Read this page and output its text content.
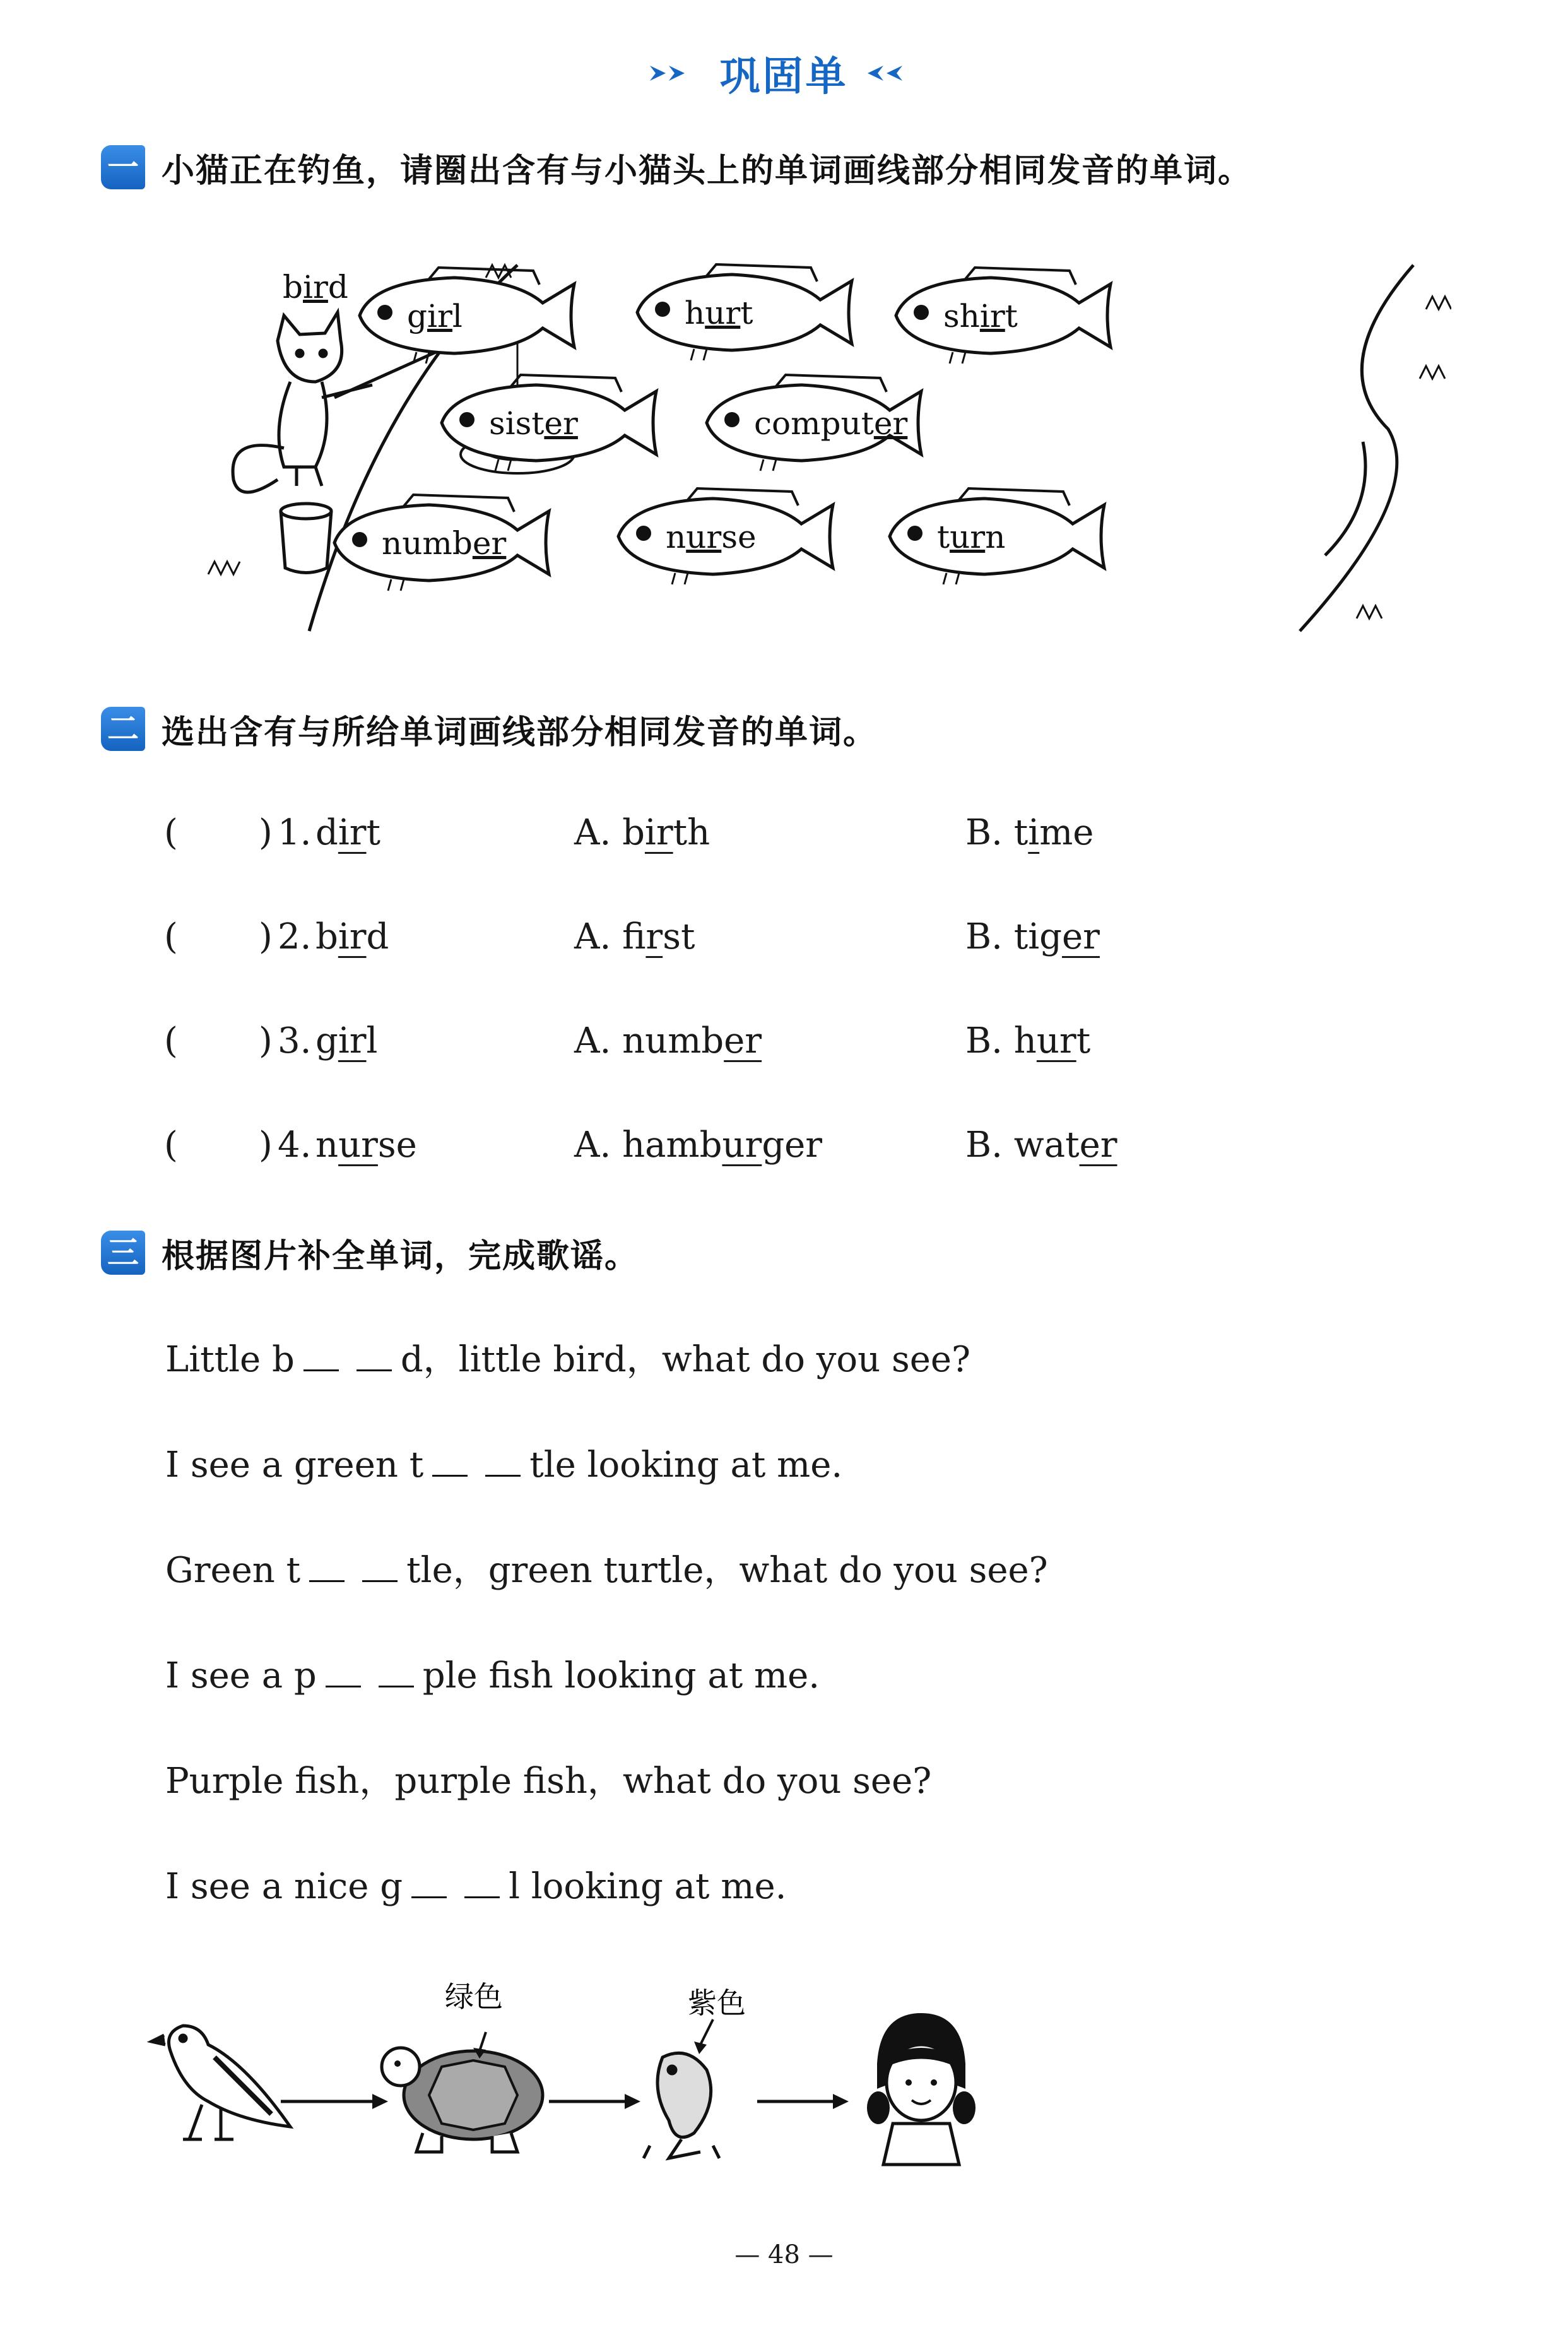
巩固单
一 小猫正在钓鱼，请圈出含有与小猫头上的单词画线部分相同发音的单词。
bird
girl	hurt	shirt
sister	computer
number	nurse	turn
二 选出含有与所给单词画线部分相同发音的单词。
( ) 1. dirt	A. birth	B. time
( ) 2. bird	A. first	B. tiger
( ) 3. girl	A. number	B. hurt
( ) 4. nurse	A. hamburger	B. water
三 根据图片补全单词，完成歌谣。
Little b	d，little bird，what do you see?
I see a green t	tle looking at me.
Green t	tle，green turtle，what do you see?
I see a p	ple fish looking at me.
Purple fish，purple fish，what do you see?
I see a nice g	l looking at me.
绿色	紫色
— 48 —
